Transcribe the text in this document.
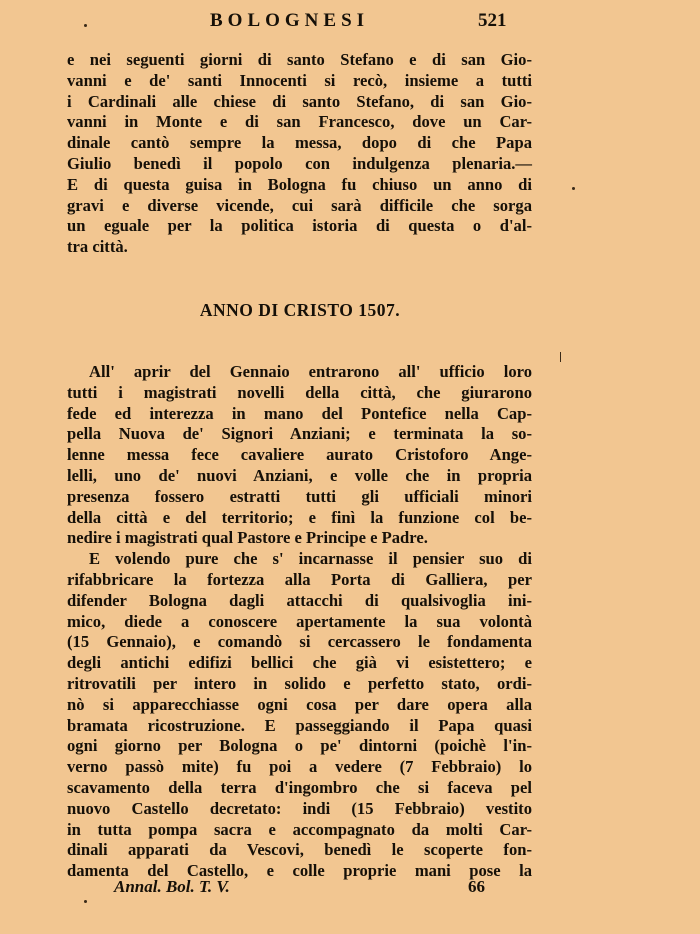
BOLOGNESI	521
e nei seguenti giorni di santo Stefano e di san Gio-
vanni e de' santi Innocenti si recò, insieme a tutti
i Cardinali alle chiese di santo Stefano, di san Gio-
vanni in Monte e di san Francesco, dove un Car-
dinale cantò sempre la messa, dopo di che Papa
Giulio benedì il popolo con indulgenza plenaria.—
E di questa guisa in Bologna fu chiuso un anno di
gravi e diverse vicende, cui sarà difficile che sorga
un eguale per la politica istoria di questa o d'al-
tra città.
ANNO DI CRISTO 1507.
All' aprir del Gennaio entrarono all' ufficio loro
tutti i magistrati novelli della città, che giurarono
fede ed interezza in mano del Pontefice nella Cap-
pella Nuova de' Signori Anziani; e terminata la so-
lenne messa fece cavaliere aurato Cristoforo Ange-
lelli, uno de' nuovi Anziani, e volle che in propria
presenza fossero estratti tutti gli ufficiali minori
della città e del territorio; e finì la funzione col be-
nedire i magistrati qual Pastore e Principe e Padre.
E volendo pure che s' incarnasse il pensier suo di
rifabbricare la fortezza alla Porta di Galliera, per
difender Bologna dagli attacchi di qualsivoglia ini-
mico, diede a conoscere apertamente la sua volontà
(15 Gennaio), e comandò si cercassero le fondamenta
degli antichi edifizi bellici che già vi esistettero; e
ritrovatili per intero in solido e perfetto stato, ordi-
nò si apparecchiasse ogni cosa per dare opera alla
bramata ricostruzione. E passeggiando il Papa quasi
ogni giorno per Bologna o pe' dintorni (poichè l'in-
verno passò mite) fu poi a vedere (7 Febbraio) lo
scavamento della terra d'ingombro che si faceva pel
nuovo Castello decretato: indi (15 Febbraio) vestito
in tutta pompa sacra e accompagnato da molti Car-
dinali apparati da Vescovi, benedì le scoperte fon-
damenta del Castello, e colle proprie mani pose la
Annal. Bol. T. V.	66
